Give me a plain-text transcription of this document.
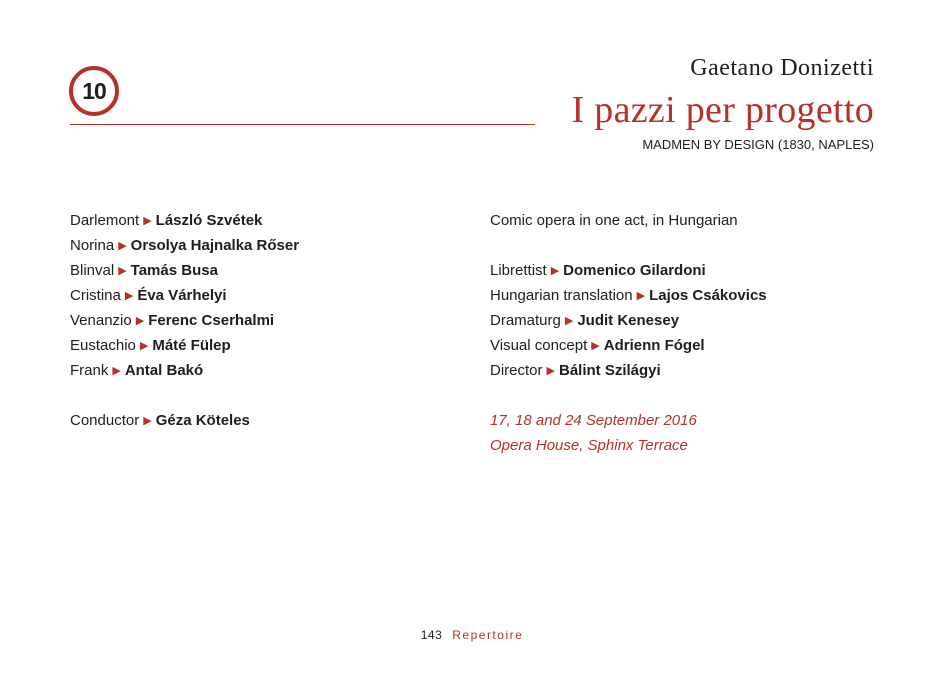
10
Gaetano Donizetti
I pazzi per progetto
MADMEN BY DESIGN (1830, NAPLES)
Darlemont ▶ László Szvétek
Norina ▶ Orsolya Hajnalka Rőser
Blinval ▶ Tamás Busa
Cristina ▶ Éva Várhelyi
Venanzio ▶ Ferenc Cserhalmi
Eustachio ▶ Máté Fülep
Frank ▶ Antal Bakó
Conductor ▶ Géza Köteles
Comic opera in one act, in Hungarian
Librettist ▶ Domenico Gilardoni
Hungarian translation ▶ Lajos Csákovics
Dramaturg ▶ Judit Kenesey
Visual concept ▶ Adrienn Fógel
Director ▶ Bálint Szilágyi
17, 18 and 24 September 2016
Opera House, Sphinx Terrace
143 Repertoire
